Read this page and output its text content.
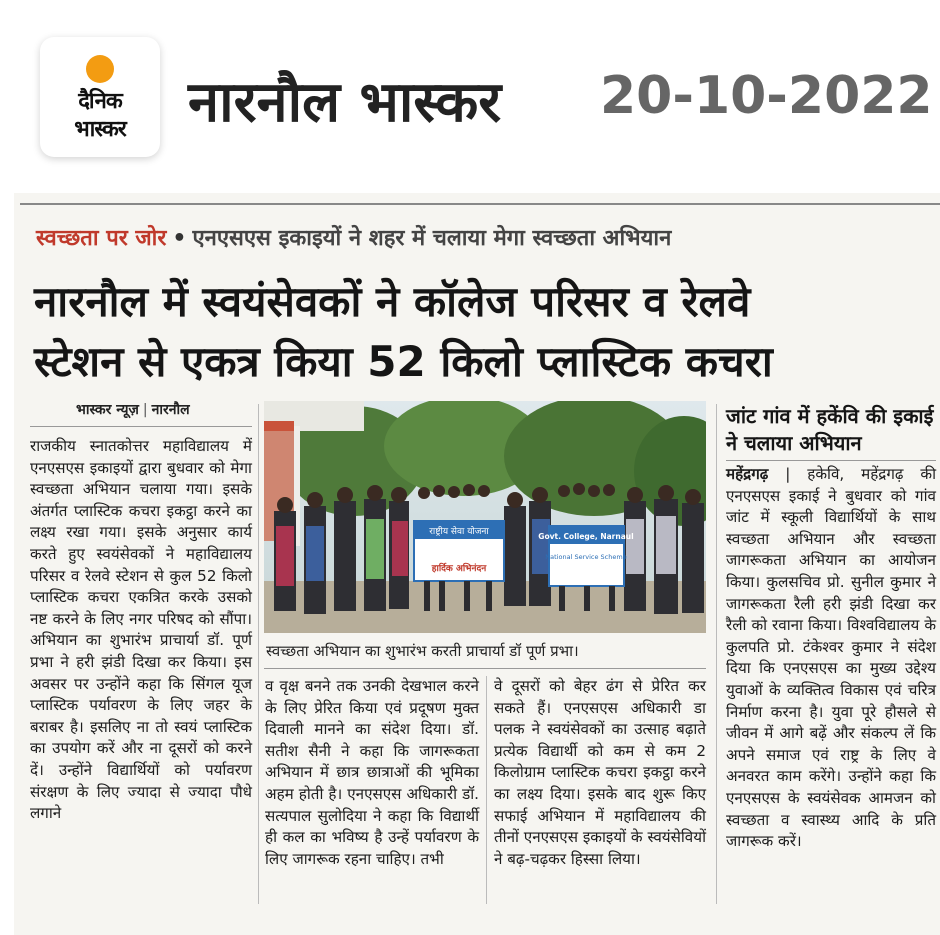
दैनिक
भास्कर	नारनौल भास्कर 20-10-2022
स्वच्छता पर जोर • एनएसएस इकाइयों ने शहर में चलाया मेगा स्वच्छता अभियान
नारनौल में स्वयंसेवकों ने कॉलेज परिसर व रेलवे
स्टेशन से एकत्र किया 52 किलो प्लास्टिक कचरा
भास्कर न्यूज़ | नारनौल

राजकीय स्नातकोत्तर महाविद्यालय में एनएसएस इकाइयों द्वारा बुधवार को मेगा स्वच्छता अभियान चलाया गया। इसके अंतर्गत प्लास्टिक कचरा इकट्ठा करने का लक्ष्य रखा गया। इसके अनुसार कार्य करते हुए स्वयंसेवकों ने महाविद्यालय परिसर व रेलवे स्टेशन से कुल 52 किलो प्लास्टिक कचरा एकत्रित करके उसको नष्ट करने के लिए नगर परिषद को सौंपा। अभियान का शुभारंभ प्राचार्या डॉ. पूर्ण प्रभा ने हरी झंडी दिखा कर किया। इस अवसर पर उन्होंने कहा कि सिंगल यूज प्लास्टिक पर्यावरण के लिए जहर के बराबर है। इसलिए ना तो स्वयं प्लास्टिक का उपयोग करें और ना दूसरों को करने दें। उन्होंने विद्यार्थियों को पर्यावरण संरक्षण के लिए ज्यादा से ज्यादा पौधे लगाने

राष्ट्रीय सेवा योजना
हार्दिक अभिनंदन
Govt. College, Narnaul
National Service Scheme
स्वच्छता अभियान का शुभारंभ करती प्राचार्या डॉ पूर्ण प्रभा।

व वृक्ष बनने तक उनकी देखभाल करने के लिए प्रेरित किया एवं प्रदूषण मुक्त दिवाली मानने का संदेश दिया। डॉ. सतीश सैनी ने कहा कि जागरूकता अभियान में छात्र छात्राओं की भूमिका अहम होती है। एनएसएस अधिकारी डॉ. सत्यपाल सुलोदिया ने कहा कि विद्यार्थी ही कल का भविष्य है उन्हें पर्यावरण के लिए जागरूक रहना चाहिए। तभी

वे दूसरों को बेहर ढंग से प्रेरित कर सकते हैं। एनएसएस अधिकारी डा पलक ने स्वयंसेवकों का उत्साह बढ़ाते प्रत्येक विद्यार्थी को कम से कम 2 किलोग्राम प्लास्टिक कचरा इकट्ठा करने का लक्ष्य दिया। इसके बाद शुरू किए सफाई अभियान में महाविद्यालय की तीनों एनएसएस इकाइयों के स्वयंसेवियों ने बढ़-चढ़कर हिस्सा लिया।

जांट गांव में हकेंवि की इकाई ने चलाया अभियान

महेंद्रगढ़ | हकेवि, महेंद्रगढ़ की एनएसएस इकाई ने बुधवार को गांव जांट में स्कूली विद्यार्थियों के साथ स्वच्छता अभियान और स्वच्छता जागरूकता अभियान का आयोजन किया। कुलसचिव प्रो. सुनील कुमार ने जागरूकता रैली हरी झंडी दिखा कर रैली को रवाना किया। विश्वविद्यालय के कुलपति प्रो. टंकेश्वर कुमार ने संदेश दिया कि एनएसएस का मुख्य उद्देश्य युवाओं के व्यक्तित्व विकास एवं चरित्र निर्माण करना है। युवा पूरे हौसले से जीवन में आगे बढ़ें और संकल्प लें कि अपने समाज एवं राष्ट्र के लिए वे अनवरत काम करेंगे। उन्होंने कहा कि एनएसएस के स्वयंसेवक आमजन को स्वच्छता व स्वास्थ्य आदि के प्रति जागरूक करें।
